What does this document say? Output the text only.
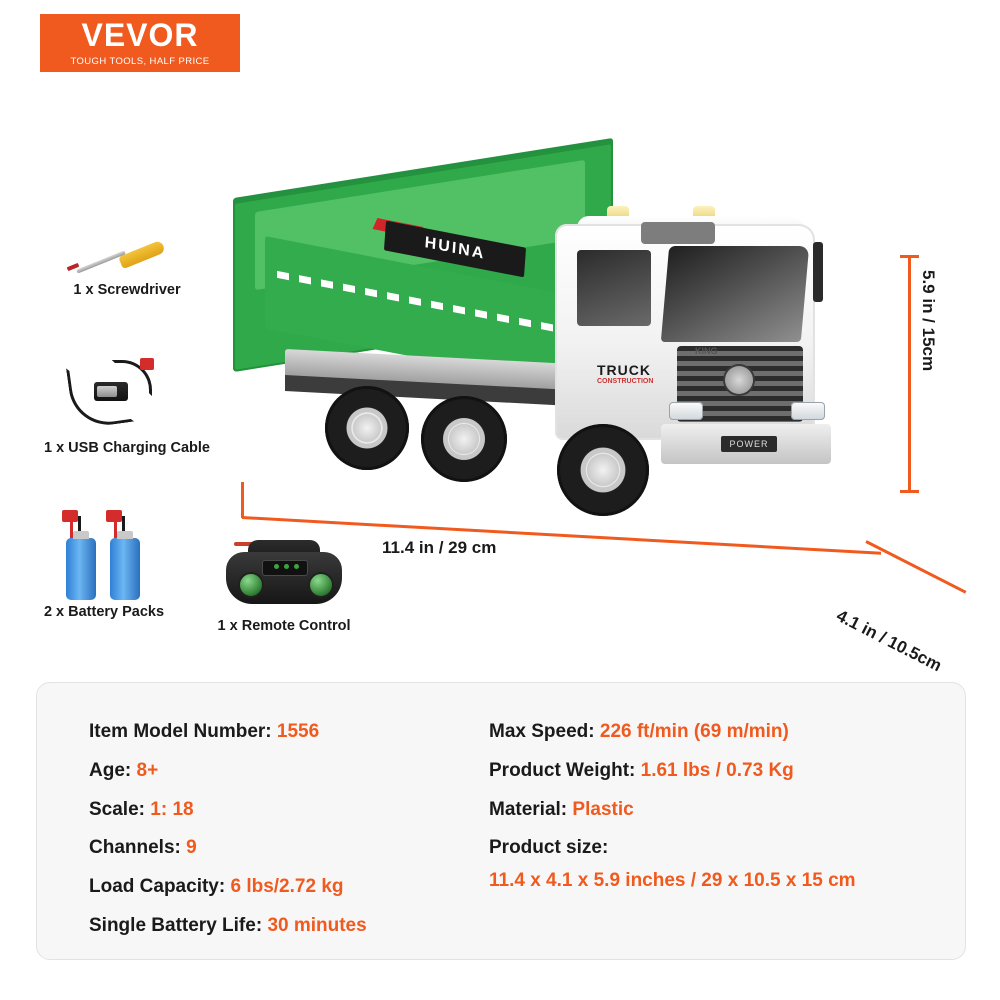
VEVOR
TOUGH TOOLS, HALF PRICE
1 x Screwdriver
1 x USB Charging Cable
2 x Battery Packs
1 x Remote Control
HUINA
POWER
KING
TRUCK
CONSTRUCTION
5.9 in / 15cm
11.4 in / 29 cm
4.1 in / 10.5cm
Item Model Number: 1556
Age: 8+
Scale: 1: 18
Channels: 9
Load Capacity: 6 lbs/2.72 kg
Single Battery Life: 30 minutes
Max Speed: 226 ft/min (69 m/min)
Product Weight: 1.61 lbs / 0.73 Kg
Material: Plastic
Product size:
11.4 x 4.1 x 5.9 inches / 29 x 10.5 x 15 cm
